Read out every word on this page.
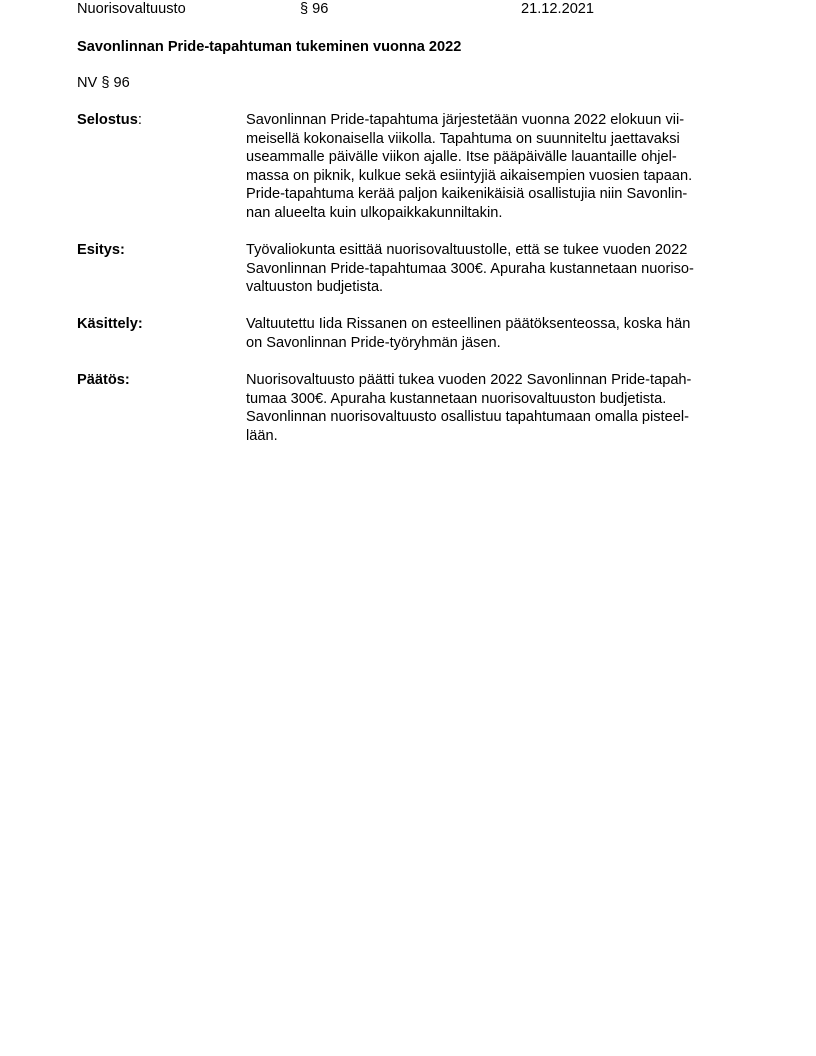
Nuorisovaltuusto	§ 96	21.12.2021
Savonlinnan Pride-tapahtuman tukeminen vuonna 2022
NV § 96
Selostus:	Savonlinnan Pride-tapahtuma järjestetään vuonna 2022 elokuun vii-
meisellä kokonaisella viikolla. Tapahtuma on suunniteltu jaettavaksi
useammalle päivälle viikon ajalle. Itse pääpäivälle lauantaille ohjel-
massa on piknik, kulkue sekä esiintyjiä aikaisempien vuosien tapaan.
Pride-tapahtuma kerää paljon kaikenikäisiä osallistujia niin Savonlin-
nan alueelta kuin ulkopaikkakunniltakin.
Esitys:	Työvaliokunta esittää nuorisovaltuustolle, että se tukee vuoden 2022
Savonlinnan Pride-tapahtumaa 300€. Apuraha kustannetaan nuoriso-
valtuuston budjetista.
Käsittely:	Valtuutettu Iida Rissanen on esteellinen päätöksenteossa, koska hän
on Savonlinnan Pride-työryhmän jäsen.
Päätös:	Nuorisovaltuusto päätti tukea vuoden 2022 Savonlinnan Pride-tapah-
tumaa 300€. Apuraha kustannetaan nuorisovaltuuston budjetista.
Savonlinnan nuorisovaltuusto osallistuu tapahtumaan omalla pisteel-
lään.
